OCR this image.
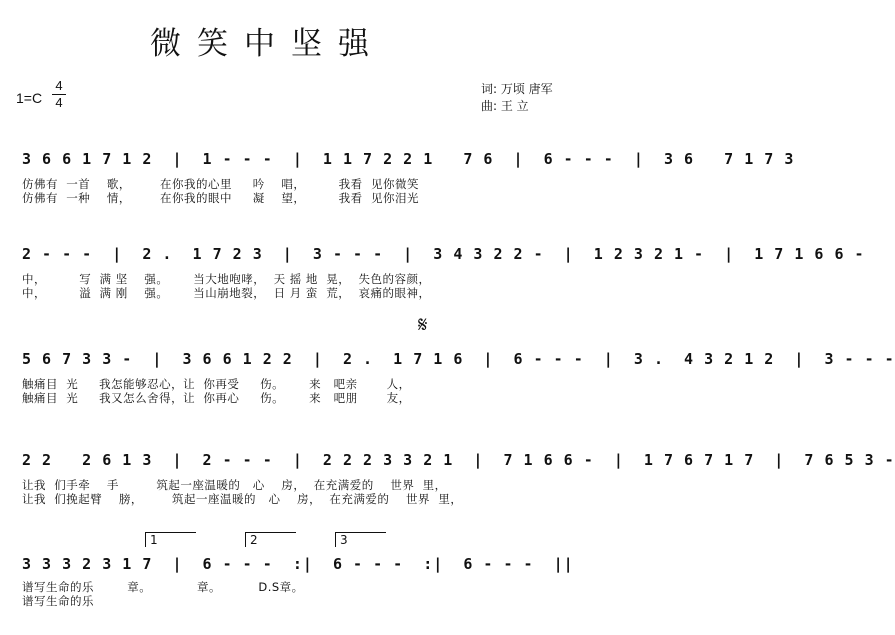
微笑中坚强
1=C
4
4
词: 万顷 唐军
曲: 王 立
3 6 6 1 7 1 2  |  1 - - -  |  1 1 7 2 2 1   7 6  |  6 - - -  |  3 6   7 1 7 3
仿佛有  一首    歌，       在你我的心里     吟    唱，        我看  见你微笑
仿佛有  一种    情，       在你我的眼中     凝    望，        我看  见你泪光
2 - - -  |  2 .  1 7 2 3  |  3 - - -  |  3 4 3 2 2 -  |  1 2 3 2 1 -  |  1 7 1 6 6 -
中，        写  满 坚    强。      当大地咆哮，  天 摇 地  晃，  失色的容颜，
中，        溢  满 刚    强。      当山崩地裂，  日 月 蛮  荒，  哀痛的眼神，
𝄋
5 6 7 3 3 -  |  3 6 6 1 2 2  |  2 .  1 7 1 6  |  6 - - -  |  3 .  4 3 2 1 2  |  3 - - -
触痛目  光     我怎能够忍心，让  你再受     伤。      来   吧亲       人，
触痛目  光     我又怎么舍得，让  你再心     伤。      来   吧朋       友，
2 2   2 6 1 3  |  2 - - -  |  2 2 2 3 3 2 1  |  7 1 6 6 -  |  1 7 6 7 1 7  |  7 6 5 3 -
让我  们手牵    手         筑起一座温暖的   心    房，  在充满爱的    世界  里，
让我  们挽起臂    膀，       筑起一座温暖的   心    房，  在充满爱的    世界  里，
1	2	3
3 3 3 2 3 1 7  |  6 - - -  :|  6 - - -  :|  6 - - -  ||
谱写生命的乐        章。           章。         D.S章。
谱写生命的乐
